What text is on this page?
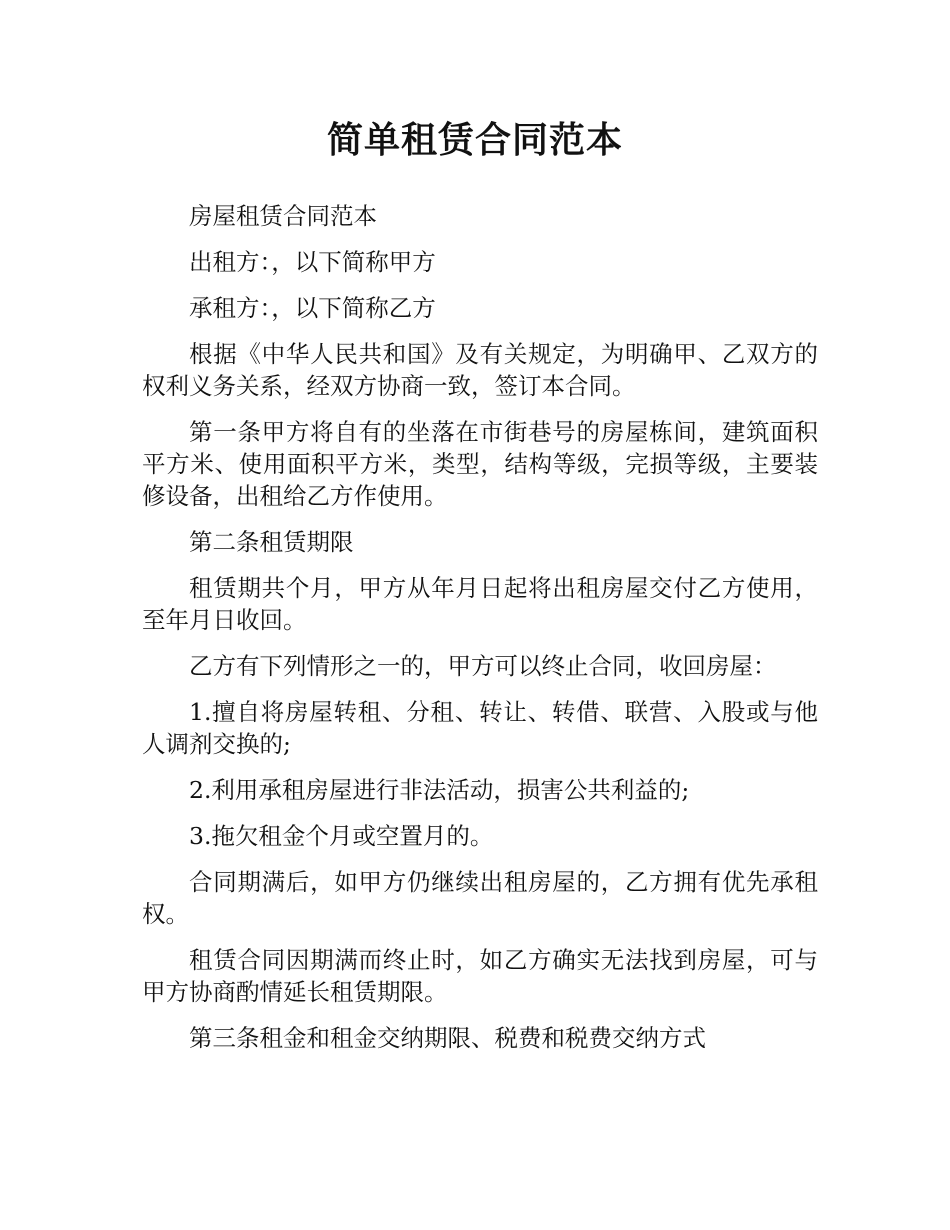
简单租赁合同范本

房屋租赁合同范本

出租方：，以下简称甲方

承租方：，以下简称乙方

根据《中华人民共和国》及有关规定，为明确甲、乙双方的权利义务关系，经双方协商一致，签订本合同。

第一条甲方将自有的坐落在市街巷号的房屋栋间，建筑面积平方米、使用面积平方米，类型，结构等级，完损等级，主要装修设备，出租给乙方作使用。

第二条租赁期限

租赁期共个月，甲方从年月日起将出租房屋交付乙方使用，至年月日收回。

乙方有下列情形之一的，甲方可以终止合同，收回房屋：

1.擅自将房屋转租、分租、转让、转借、联营、入股或与他人调剂交换的;

2.利用承租房屋进行非法活动，损害公共利益的;

3.拖欠租金个月或空置月的。

合同期满后，如甲方仍继续出租房屋的，乙方拥有优先承租权。

租赁合同因期满而终止时，如乙方确实无法找到房屋，可与甲方协商酌情延长租赁期限。

第三条租金和租金交纳期限、税费和税费交纳方式
